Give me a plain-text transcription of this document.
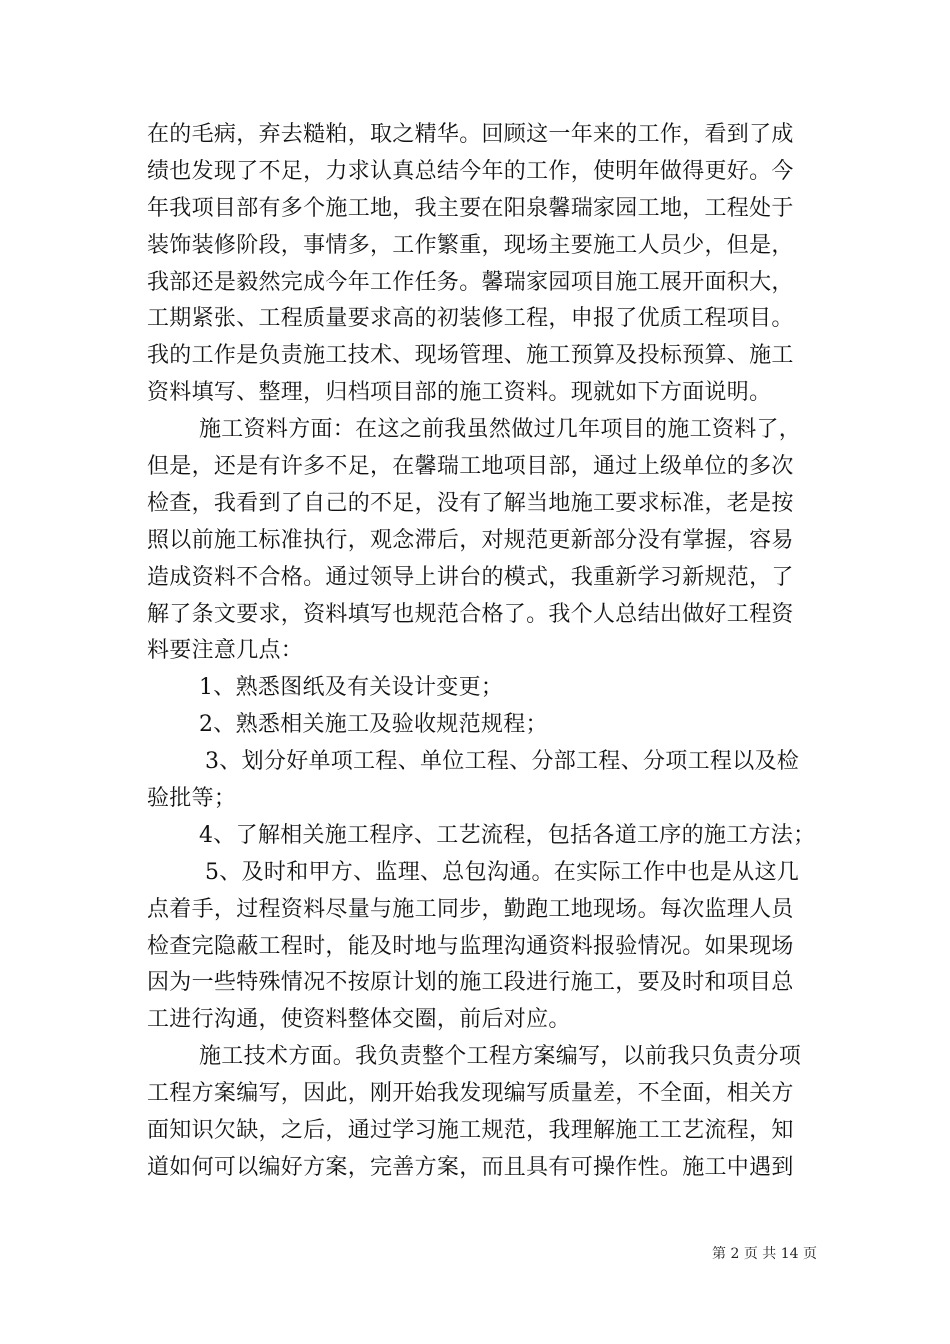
在的毛病，弃去糙粕，取之精华。回顾这一年来的工作，看到了成
绩也发现了不足，力求认真总结今年的工作，使明年做得更好。今
年我项目部有多个施工地，我主要在阳泉馨瑞家园工地，工程处于
装饰装修阶段，事情多，工作繁重，现场主要施工人员少，但是，
我部还是毅然完成今年工作任务。馨瑞家园项目施工展开面积大，
工期紧张、工程质量要求高的初装修工程，申报了优质工程项目。
我的工作是负责施工技术、现场管理、施工预算及投标预算、施工
资料填写、整理，归档项目部的施工资料。现就如下方面说明。
施工资料方面：在这之前我虽然做过几年项目的施工资料了，
但是，还是有许多不足，在馨瑞工地项目部，通过上级单位的多次
检查，我看到了自己的不足，没有了解当地施工要求标准，老是按
照以前施工标准执行，观念滞后，对规范更新部分没有掌握，容易
造成资料不合格。通过领导上讲台的模式，我重新学习新规范，了
解了条文要求，资料填写也规范合格了。我个人总结出做好工程资
料要注意几点：
1、熟悉图纸及有关设计变更；
2、熟悉相关施工及验收规范规程；
3、划分好单项工程、单位工程、分部工程、分项工程以及检
验批等；
4、了解相关施工程序、工艺流程，包括各道工序的施工方法；
5、及时和甲方、监理、总包沟通。在实际工作中也是从这几
点着手，过程资料尽量与施工同步，勤跑工地现场。每次监理人员
检查完隐蔽工程时，能及时地与监理沟通资料报验情况。如果现场
因为一些特殊情况不按原计划的施工段进行施工，要及时和项目总
工进行沟通，使资料整体交圈，前后对应。
施工技术方面。我负责整个工程方案编写，以前我只负责分项
工程方案编写，因此，刚开始我发现编写质量差，不全面，相关方
面知识欠缺，之后，通过学习施工规范，我理解施工工艺流程，知
道如何可以编好方案，完善方案，而且具有可操作性。施工中遇到
第 2 页 共 14 页
